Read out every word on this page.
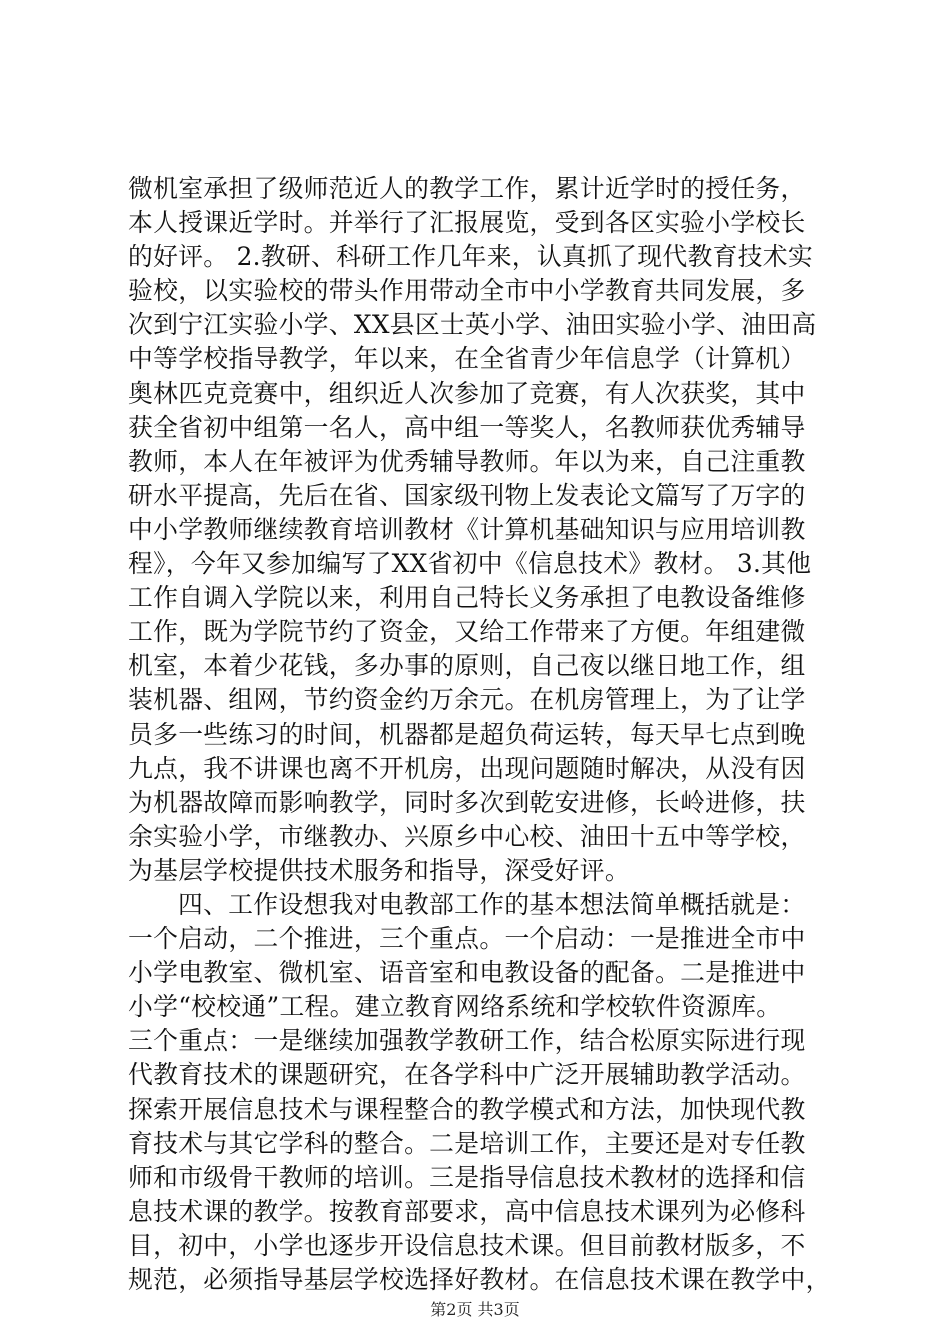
微机室承担了级师范近人的教学工作，累计近学时的授任务，
本人授课近学时。并举行了汇报展览，受到各区实验小学校长
的好评。 2.教研、科研工作几年来，认真抓了现代教育技术实
验校，以实验校的带头作用带动全市中小学教育共同发展，多
次到宁江实验小学、XX县区士英小学、油田实验小学、油田高
中等学校指导教学，年以来，在全省青少年信息学（计算机）
奥林匹克竞赛中，组织近人次参加了竞赛，有人次获奖，其中
获全省初中组第一名人，高中组一等奖人，名教师获优秀辅导
教师，本人在年被评为优秀辅导教师。年以为来，自己注重教
研水平提高，先后在省、国家级刊物上发表论文篇写了万字的
中小学教师继续教育培训教材《计算机基础知识与应用培训教
程》，今年又参加编写了XX省初中《信息技术》教材。 3.其他
工作自调入学院以来，利用自己特长义务承担了电教设备维修
工作，既为学院节约了资金，又给工作带来了方便。年组建微
机室，本着少花钱，多办事的原则，自己夜以继日地工作，组
装机器、组网，节约资金约万余元。在机房管理上，为了让学
员多一些练习的时间，机器都是超负荷运转，每天早七点到晚
九点，我不讲课也离不开机房，出现问题随时解决，从没有因
为机器故障而影响教学，同时多次到乾安进修，长岭进修，扶
余实验小学，市继教办、兴原乡中心校、油田十五中等学校，
为基层学校提供技术服务和指导，深受好评。
四、工作设想我对电教部工作的基本想法简单概括就是：
一个启动，二个推进，三个重点。一个启动：一是推进全市中
小学电教室、微机室、语音室和电教设备的配备。二是推进中
小学“校校通”工程。建立教育网络系统和学校软件资源库。
三个重点：一是继续加强教学教研工作，结合松原实际进行现
代教育技术的课题研究，在各学科中广泛开展辅助教学活动。
探索开展信息技术与课程整合的教学模式和方法，加快现代教
育技术与其它学科的整合。二是培训工作，主要还是对专任教
师和市级骨干教师的培训。三是指导信息技术教材的选择和信
息技术课的教学。按教育部要求，高中信息技术课列为必修科
目，初中，小学也逐步开设信息技术课。但目前教材版多，不
规范，必须指导基层学校选择好教材。在信息技术课在教学中，
第2页 共3页
